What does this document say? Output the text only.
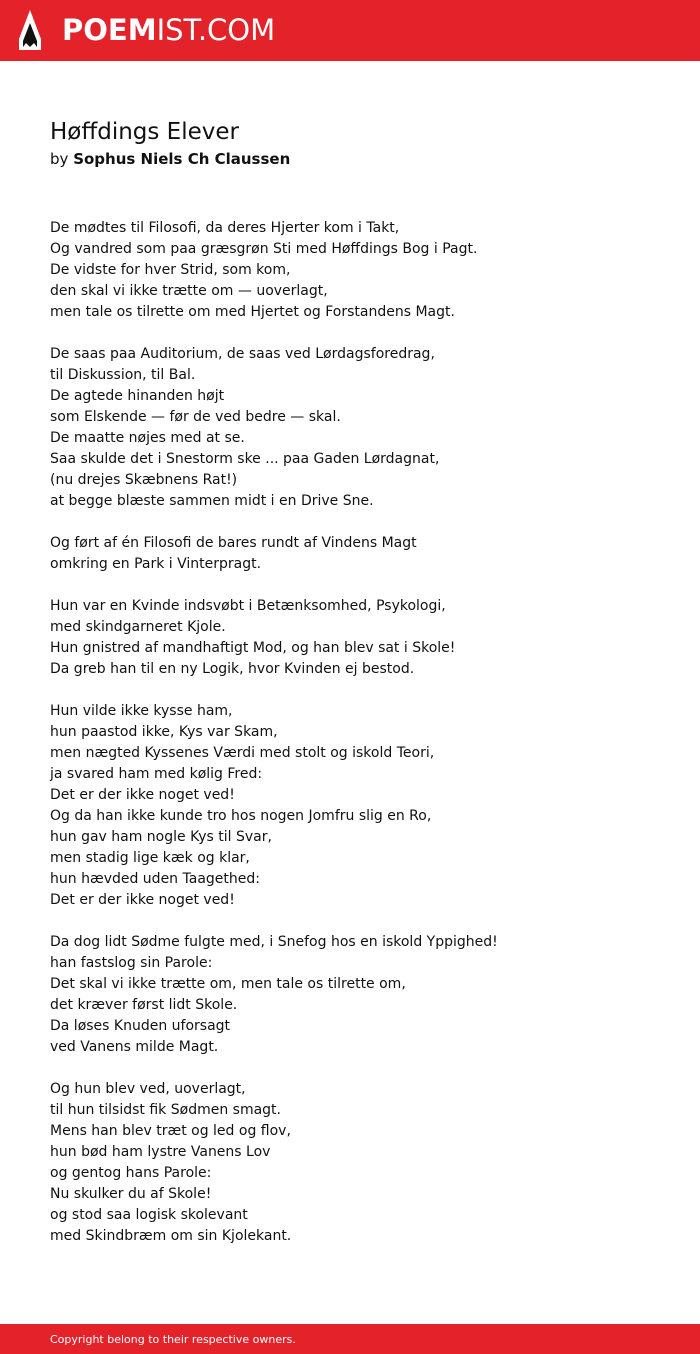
POEMIST.COM
Høffdings Elever
by Sophus Niels Ch Claussen
De mødtes til Filosofi, da deres Hjerter kom i Takt,
Og vandred som paa græsgrøn Sti med Høffdings Bog i Pagt.
De vidste for hver Strid, som kom,
den skal vi ikke trætte om — uoverlagt,
men tale os tilrette om med Hjertet og Forstandens Magt.
De saas paa Auditorium, de saas ved Lørdagsforedrag,
til Diskussion, til Bal.
De agtede hinanden højt
som Elskende — før de ved bedre — skal.
De maatte nøjes med at se.
Saa skulde det i Snestorm ske ... paa Gaden Lørdagnat,
(nu drejes Skæbnens Rat!)
at begge blæste sammen midt i en Drive Sne.
Og ført af én Filosofi de bares rundt af Vindens Magt
omkring en Park i Vinterpragt.
Hun var en Kvinde indsvøbt i Betænksomhed, Psykologi,
med skindgarneret Kjole.
Hun gnistred af mandhaftigt Mod, og han blev sat i Skole!
Da greb han til en ny Logik, hvor Kvinden ej bestod.
Hun vilde ikke kysse ham,
hun paastod ikke, Kys var Skam,
men nægted Kyssenes Værdi med stolt og iskold Teori,
ja svared ham med kølig Fred:
Det er der ikke noget ved!
Og da han ikke kunde tro hos nogen Jomfru slig en Ro,
hun gav ham nogle Kys til Svar,
men stadig lige kæk og klar,
hun hævded uden Taagethed:
Det er der ikke noget ved!
Da dog lidt Sødme fulgte med, i Snefog hos en iskold Yppighed!
han fastslog sin Parole:
Det skal vi ikke trætte om, men tale os tilrette om,
det kræver først lidt Skole.
Da løses Knuden uforsagt
ved Vanens milde Magt.
Og hun blev ved, uoverlagt,
til hun tilsidst fik Sødmen smagt.
Mens han blev træt og led og flov,
hun bød ham lystre Vanens Lov
og gentog hans Parole:
Nu skulker du af Skole!
og stod saa logisk skolevant
med Skindbræm om sin Kjolekant.
Copyright belong to their respective owners.
